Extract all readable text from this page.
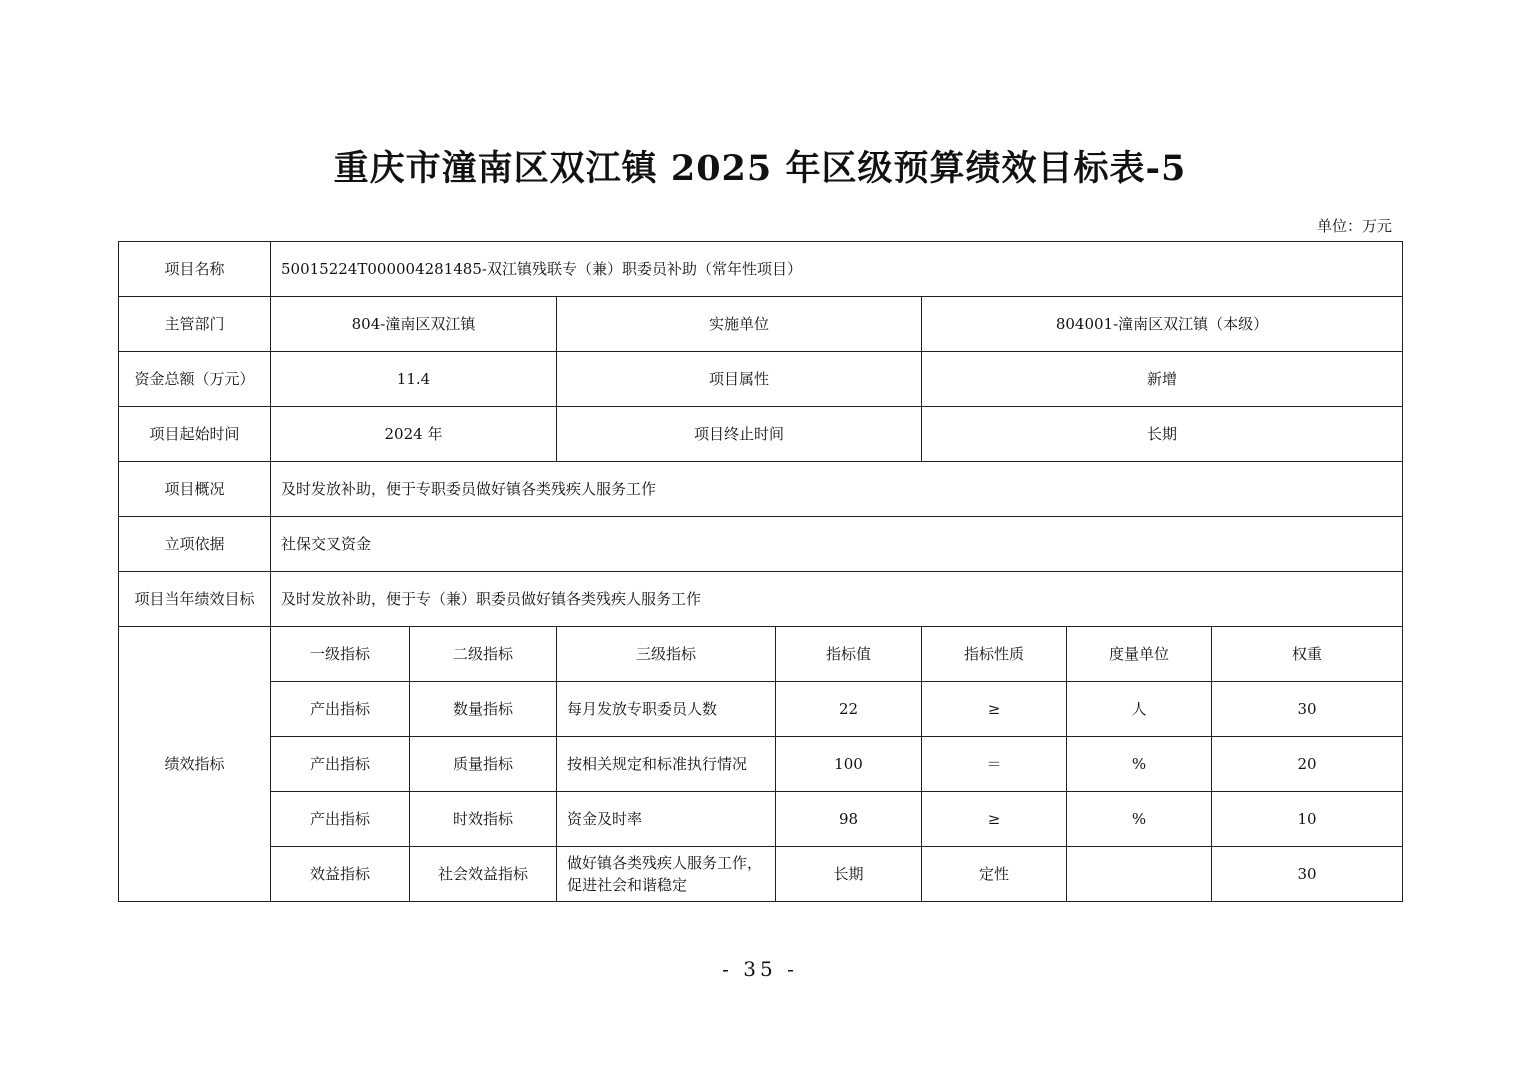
重庆市潼南区双江镇 2025 年区级预算绩效目标表-5
单位：万元
项目名称	50015224T000004281485-双江镇残联专（兼）职委员补助（常年性项目）						
主管部门	804-潼南区双江镇		实施单位		804001-潼南区双江镇（本级）		
资金总额（万元）	11.4		项目属性		新增		
项目起始时间	2024 年		项目终止时间		长期		
项目概况	及时发放补助，便于专职委员做好镇各类残疾人服务工作						
立项依据	社保交叉资金						
项目当年绩效目标	及时发放补助，便于专（兼）职委员做好镇各类残疾人服务工作						
绩效指标	一级指标	二级指标	三级指标	指标值	指标性质	度量单位	权重
	产出指标	数量指标	每月发放专职委员人数	22	≥	人	30
	产出指标	质量指标	按相关规定和标准执行情况	100	＝	%	20
	产出指标	时效指标	资金及时率	98	≥	%	10
	效益指标	社会效益指标	做好镇各类残疾人服务工作，促进社会和谐稳定	长期	定性		30
- 35 -
